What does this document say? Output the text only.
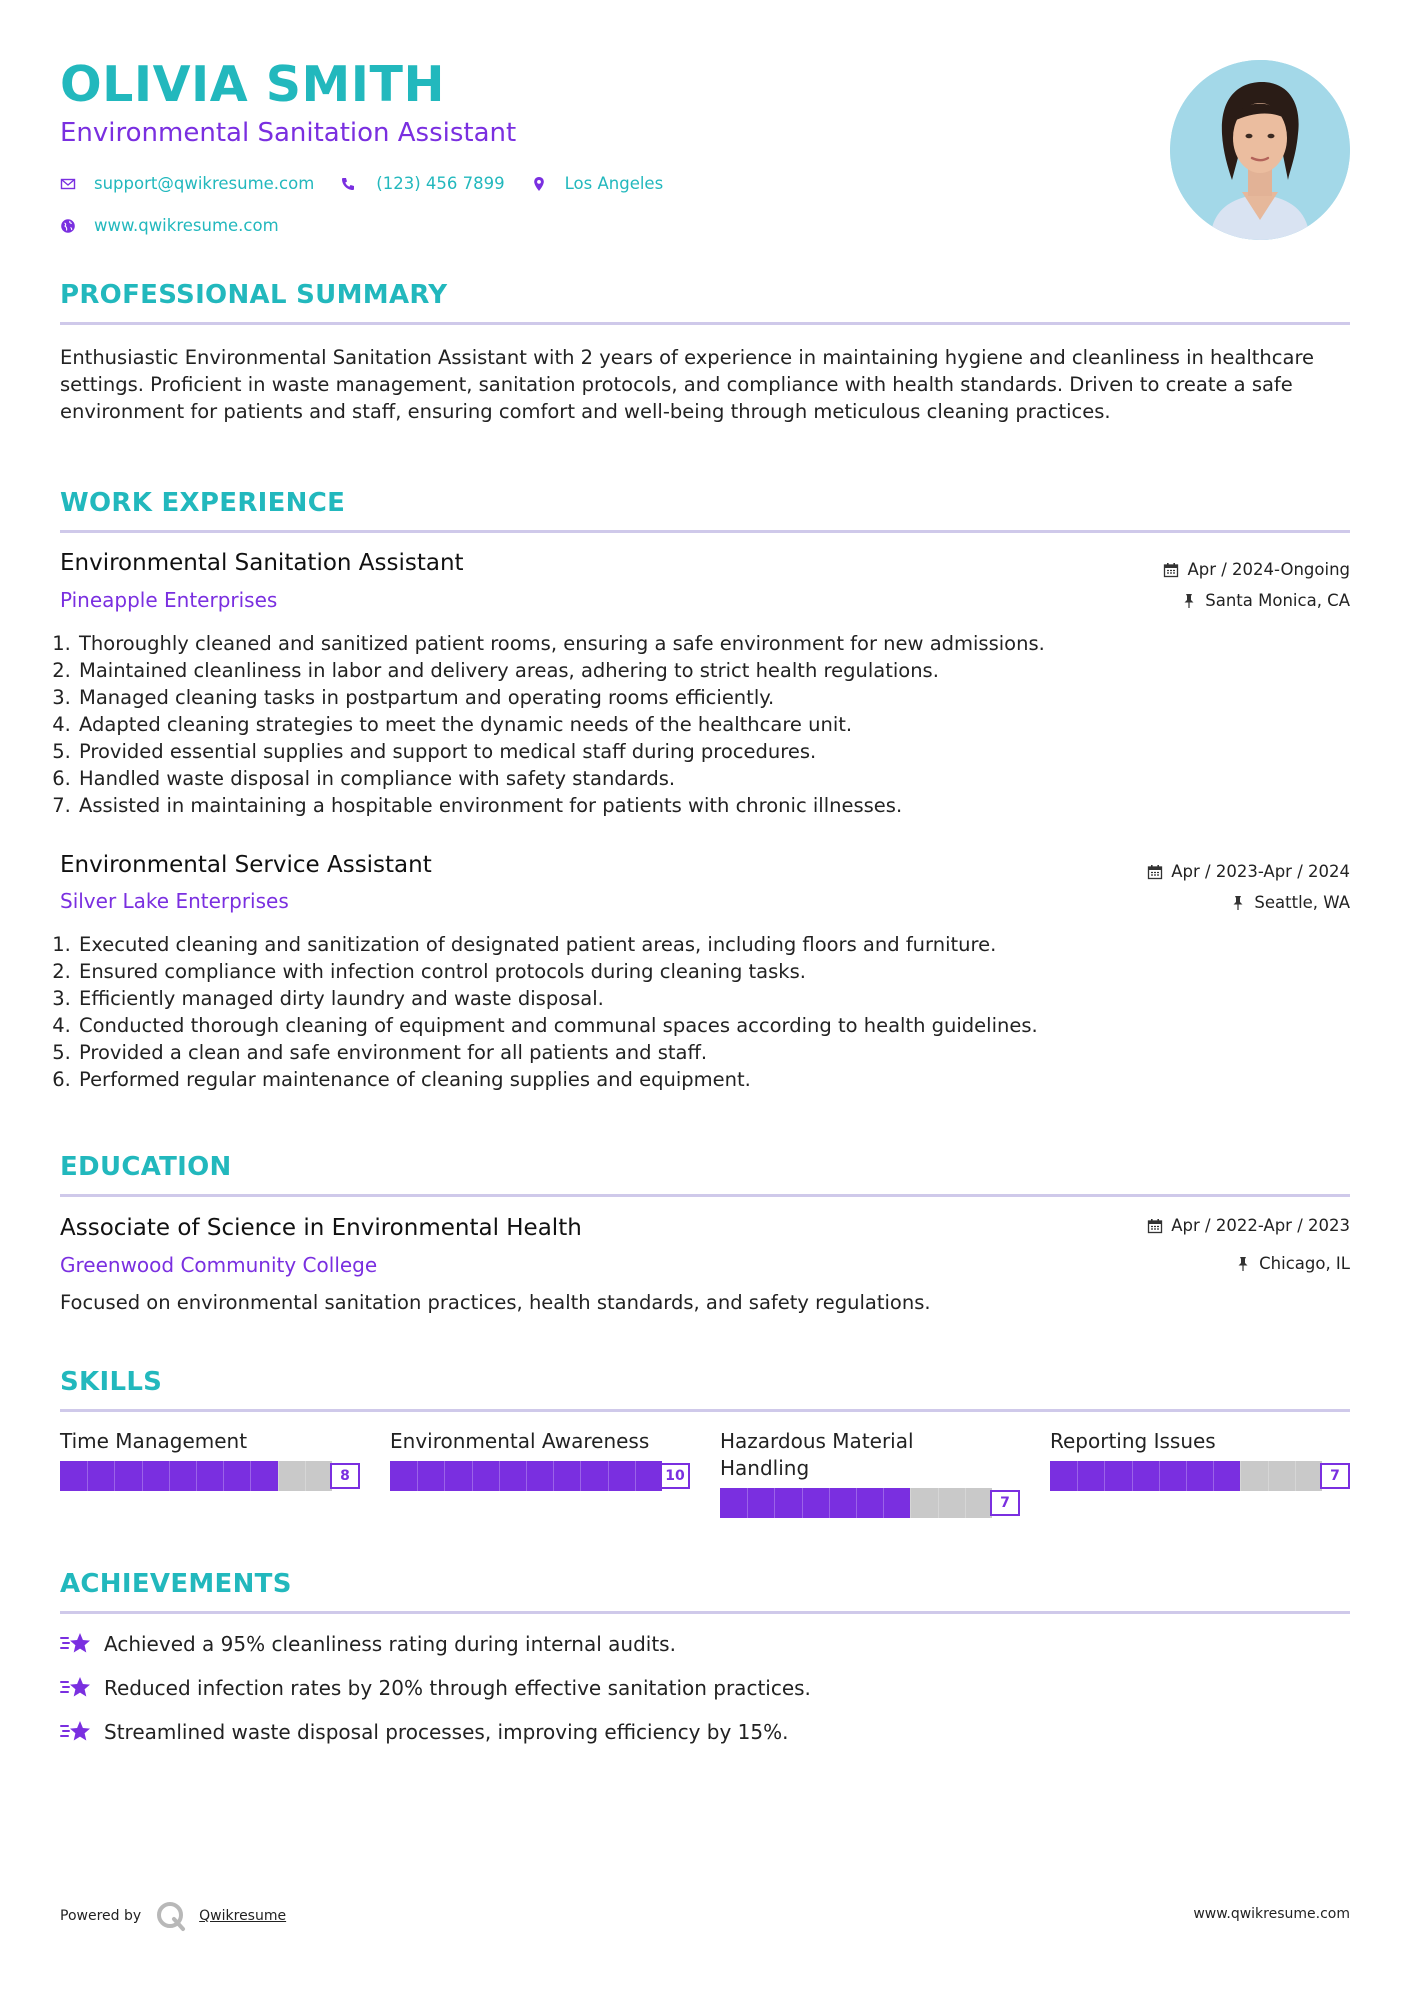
OLIVIA SMITH
Environmental Sanitation Assistant
support@qwikresume.com	(123) 456 7899	Los Angeles
www.qwikresume.com
PROFESSIONAL SUMMARY

Enthusiastic Environmental Sanitation Assistant with 2 years of experience in maintaining hygiene and cleanliness in healthcare settings. Proficient in waste management, sanitation protocols, and compliance with health standards. Driven to create a safe environment for patients and staff, ensuring comfort and well-being through meticulous cleaning practices.

WORK EXPERIENCE
Environmental Sanitation Assistant	Apr / 2024-Ongoing
Pineapple Enterprises	Santa Monica, CA
1. Thoroughly cleaned and sanitized patient rooms, ensuring a safe environment for new admissions.
2. Maintained cleanliness in labor and delivery areas, adhering to strict health regulations.
3. Managed cleaning tasks in postpartum and operating rooms efficiently.
4. Adapted cleaning strategies to meet the dynamic needs of the healthcare unit.
5. Provided essential supplies and support to medical staff during procedures.
6. Handled waste disposal in compliance with safety standards.
7. Assisted in maintaining a hospitable environment for patients with chronic illnesses.
Environmental Service Assistant	Apr / 2023-Apr / 2024
Silver Lake Enterprises	Seattle, WA
1. Executed cleaning and sanitization of designated patient areas, including floors and furniture.
2. Ensured compliance with infection control protocols during cleaning tasks.
3. Efficiently managed dirty laundry and waste disposal.
4. Conducted thorough cleaning of equipment and communal spaces according to health guidelines.
5. Provided a clean and safe environment for all patients and staff.
6. Performed regular maintenance of cleaning supplies and equipment.
EDUCATION
Associate of Science in Environmental Health	Apr / 2022-Apr / 2023
Greenwood Community College	Chicago, IL

Focused on environmental sanitation practices, health standards, and safety regulations.

SKILLS
Time Management
8
Environmental Awareness
10
Hazardous Material Handling
7
Reporting Issues
7
ACHIEVEMENTS
Achieved a 95% cleanliness rating during internal audits.
Reduced infection rates by 20% through effective sanitation practices.
Streamlined waste disposal processes, improving efficiency by 15%.
Powered by	Qwikresume	www.qwikresume.com
